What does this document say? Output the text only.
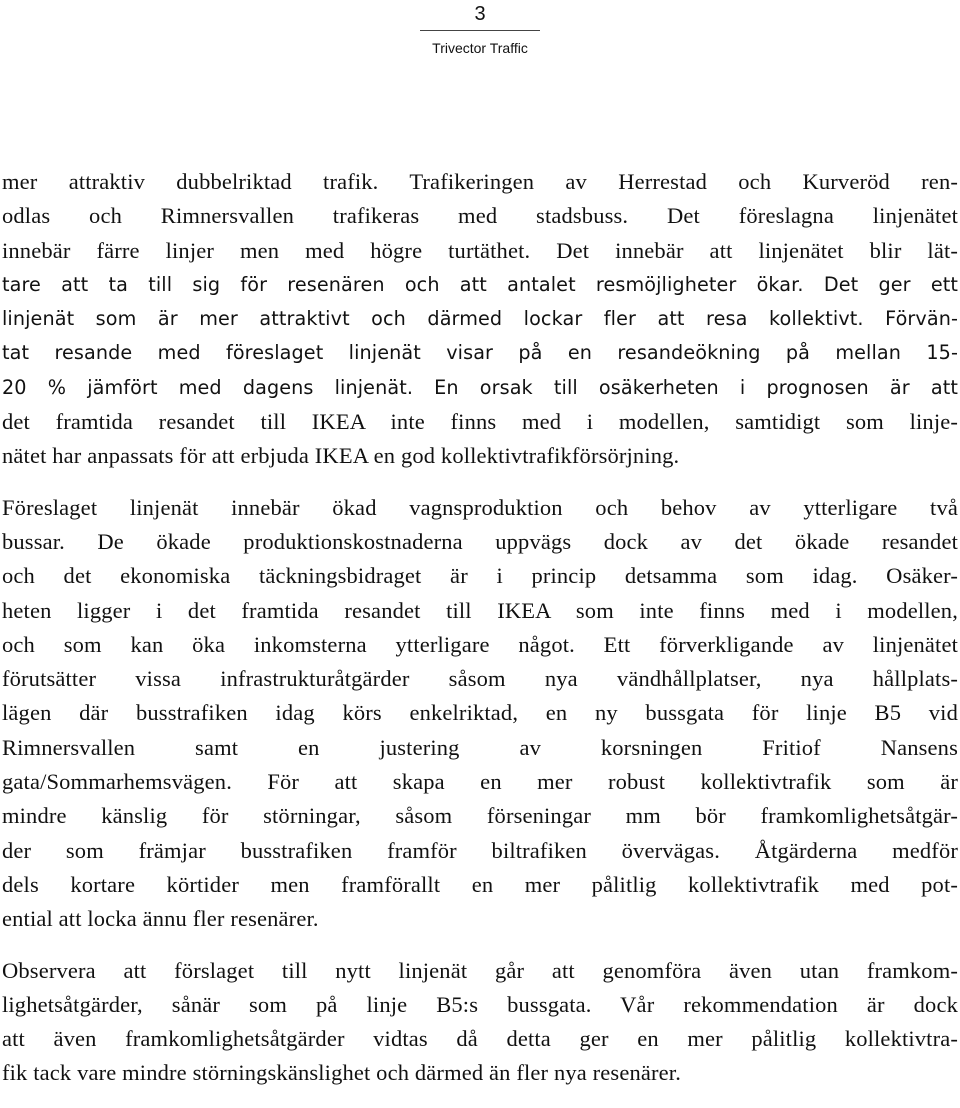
3
Trivector Traffic
mer attraktiv dubbelriktad trafik. Trafikeringen av Herrestad och Kurveröd ren-
odlas och Rimnersvallen trafikeras med stadsbuss. Det föreslagna linjenätet
innebär färre linjer men med högre turtäthet. Det innebär att linjenätet blir lät-
tare att ta till sig för resenären och att antalet resmöjligheter ökar. Det ger ett
linjenät som är mer attraktivt och därmed lockar fler att resa kollektivt. Förvän-
tat resande med föreslaget linjenät visar på en resandeökning på mellan 15-
20 % jämfört med dagens linjenät. En orsak till osäkerheten i prognosen är att
det framtida resandet till IKEA inte finns med i modellen, samtidigt som linje-
nätet har anpassats för att erbjuda IKEA en god kollektivtrafikförsörjning.
Föreslaget linjenät innebär ökad vagnsproduktion och behov av ytterligare två
bussar. De ökade produktionskostnaderna uppvägs dock av det ökade resandet
och det ekonomiska täckningsbidraget är i princip detsamma som idag. Osäker-
heten ligger i det framtida resandet till IKEA som inte finns med i modellen,
och som kan öka inkomsterna ytterligare något. Ett förverkligande av linjenätet
förutsätter vissa infrastrukturåtgärder såsom nya vändhållplatser, nya hållplats-
lägen där busstrafiken idag körs enkelriktad, en ny bussgata för linje B5 vid
Rimnersvallen samt en justering av korsningen Fritiof Nansens
gata/Sommarhemsvägen. För att skapa en mer robust kollektivtrafik som är
mindre känslig för störningar, såsom förseningar mm bör framkomlighetsåtgär-
der som främjar busstrafiken framför biltrafiken övervägas. Åtgärderna medför
dels kortare körtider men framförallt en mer pålitlig kollektivtrafik med pot-
ential att locka ännu fler resenärer.
Observera att förslaget till nytt linjenät går att genomföra även utan framkom-
lighetsåtgärder, sånär som på linje B5:s bussgata. Vår rekommendation är dock
att även framkomlighetsåtgärder vidtas då detta ger en mer pålitlig kollektivtra-
fik tack vare mindre störningskänslighet och därmed än fler nya resenärer.
